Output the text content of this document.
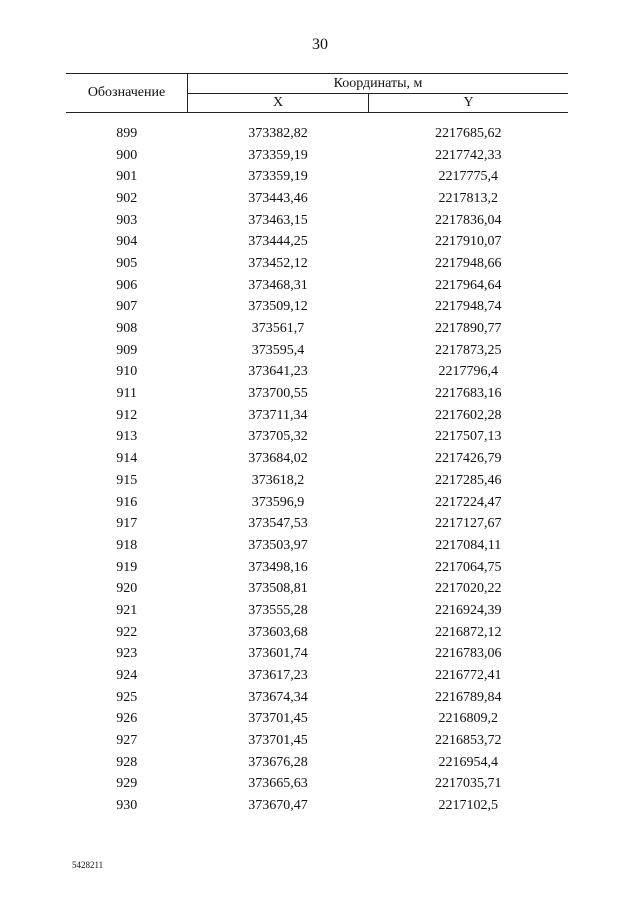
30
Обозначение	Координаты, м	
	X	Y

899	373382,82	2217685,62
900	373359,19	2217742,33
901	373359,19	2217775,4
902	373443,46	2217813,2
903	373463,15	2217836,04
904	373444,25	2217910,07
905	373452,12	2217948,66
906	373468,31	2217964,64
907	373509,12	2217948,74
908	373561,7	2217890,77
909	373595,4	2217873,25
910	373641,23	2217796,4
911	373700,55	2217683,16
912	373711,34	2217602,28
913	373705,32	2217507,13
914	373684,02	2217426,79
915	373618,2	2217285,46
916	373596,9	2217224,47
917	373547,53	2217127,67
918	373503,97	2217084,11
919	373498,16	2217064,75
920	373508,81	2217020,22
921	373555,28	2216924,39
922	373603,68	2216872,12
923	373601,74	2216783,06
924	373617,23	2216772,41
925	373674,34	2216789,84
926	373701,45	2216809,2
927	373701,45	2216853,72
928	373676,28	2216954,4
929	373665,63	2217035,71
930	373670,47	2217102,5
5428211
